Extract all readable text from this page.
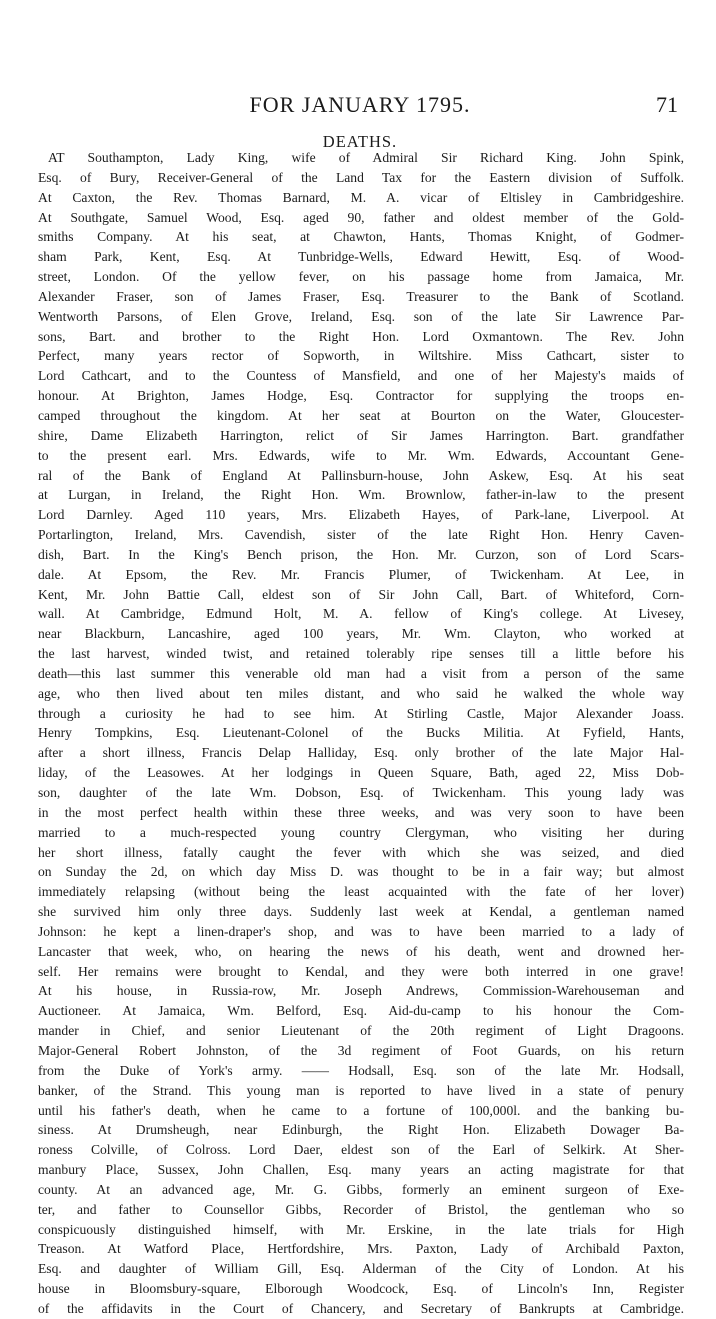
FOR JANUARY 1795.	71
DEATHS.
AT Southampton, Lady King, wife of Admiral Sir Richard King. John Spink,
Esq. of Bury, Receiver-General of the Land Tax for the Eastern division of Suffolk.
At Caxton, the Rev. Thomas Barnard, M. A. vicar of Eltisley in Cambridgeshire.
At Southgate, Samuel Wood, Esq. aged 90, father and oldest member of the Gold-
smiths Company. At his seat, at Chawton, Hants, Thomas Knight, of Godmer-
sham Park, Kent, Esq. At Tunbridge-Wells, Edward Hewitt, Esq. of Wood-
street, London. Of the yellow fever, on his passage home from Jamaica, Mr.
Alexander Fraser, son of James Fraser, Esq. Treasurer to the Bank of Scotland.
Wentworth Parsons, of Elen Grove, Ireland, Esq. son of the late Sir Lawrence Par-
sons, Bart. and brother to the Right Hon. Lord Oxmantown. The Rev. John
Perfect, many years rector of Sopworth, in Wiltshire. Miss Cathcart, sister to
Lord Cathcart, and to the Countess of Mansfield, and one of her Majesty's maids of
honour. At Brighton, James Hodge, Esq. Contractor for supplying the troops en-
camped throughout the kingdom. At her seat at Bourton on the Water, Gloucester-
shire, Dame Elizabeth Harrington, relict of Sir James Harrington. Bart. grandfather
to the present earl. Mrs. Edwards, wife to Mr. Wm. Edwards, Accountant Gene-
ral of the Bank of England At Pallinsburn-house, John Askew, Esq. At his seat
at Lurgan, in Ireland, the Right Hon. Wm. Brownlow, father-in-law to the present
Lord Darnley. Aged 110 years, Mrs. Elizabeth Hayes, of Park-lane, Liverpool. At
Portarlington, Ireland, Mrs. Cavendish, sister of the late Right Hon. Henry Caven-
dish, Bart. In the King's Bench prison, the Hon. Mr. Curzon, son of Lord Scars-
dale. At Epsom, the Rev. Mr. Francis Plumer, of Twickenham. At Lee, in
Kent, Mr. John Battie Call, eldest son of Sir John Call, Bart. of Whiteford, Corn-
wall. At Cambridge, Edmund Holt, M. A. fellow of King's college. At Livesey,
near Blackburn, Lancashire, aged 100 years, Mr. Wm. Clayton, who worked at
the last harvest, winded twist, and retained tolerably ripe senses till a little before his
death—this last summer this venerable old man had a visit from a person of the same
age, who then lived about ten miles distant, and who said he walked the whole way
through a curiosity he had to see him. At Stirling Castle, Major Alexander Joass.
Henry Tompkins, Esq. Lieutenant-Colonel of the Bucks Militia. At Fyfield, Hants,
after a short illness, Francis Delap Halliday, Esq. only brother of the late Major Hal-
liday, of the Leasowes. At her lodgings in Queen Square, Bath, aged 22, Miss Dob-
son, daughter of the late Wm. Dobson, Esq. of Twickenham. This young lady was
in the most perfect health within these three weeks, and was very soon to have been
married to a much-respected young country Clergyman, who visiting her during
her short illness, fatally caught the fever with which she was seized, and died
on Sunday the 2d, on which day Miss D. was thought to be in a fair way; but almost
immediately relapsing (without being the least acquainted with the fate of her lover)
she survived him only three days. Suddenly last week at Kendal, a gentleman named
Johnson: he kept a linen-draper's shop, and was to have been married to a lady of
Lancaster that week, who, on hearing the news of his death, went and drowned her-
self. Her remains were brought to Kendal, and they were both interred in one grave!
At his house, in Russia-row, Mr. Joseph Andrews, Commission-Warehouseman and
Auctioneer. At Jamaica, Wm. Belford, Esq. Aid-du-camp to his honour the Com-
mander in Chief, and senior Lieutenant of the 20th regiment of Light Dragoons.
Major-General Robert Johnston, of the 3d regiment of Foot Guards, on his return
from the Duke of York's army. —— Hodsall, Esq. son of the late Mr. Hodsall,
banker, of the Strand. This young man is reported to have lived in a state of penury
until his father's death, when he came to a fortune of 100,000l. and the banking bu-
siness. At Drumsheugh, near Edinburgh, the Right Hon. Elizabeth Dowager Ba-
roness Colville, of Colross. Lord Daer, eldest son of the Earl of Selkirk. At Sher-
manbury Place, Sussex, John Challen, Esq. many years an acting magistrate for that
county. At an advanced age, Mr. G. Gibbs, formerly an eminent surgeon of Exe-
ter, and father to Counsellor Gibbs, Recorder of Bristol, the gentleman who so
conspicuously distinguished himself, with Mr. Erskine, in the late trials for High
Treason. At Watford Place, Hertfordshire, Mrs. Paxton, Lady of Archibald Paxton,
Esq. and daughter of William Gill, Esq. Alderman of the City of London. At his
house in Bloomsbury-square, Elborough Woodcock, Esq. of Lincoln's Inn, Register
of the affidavits in the Court of Chancery, and Secretary of Bankrupts at Cambridge.
